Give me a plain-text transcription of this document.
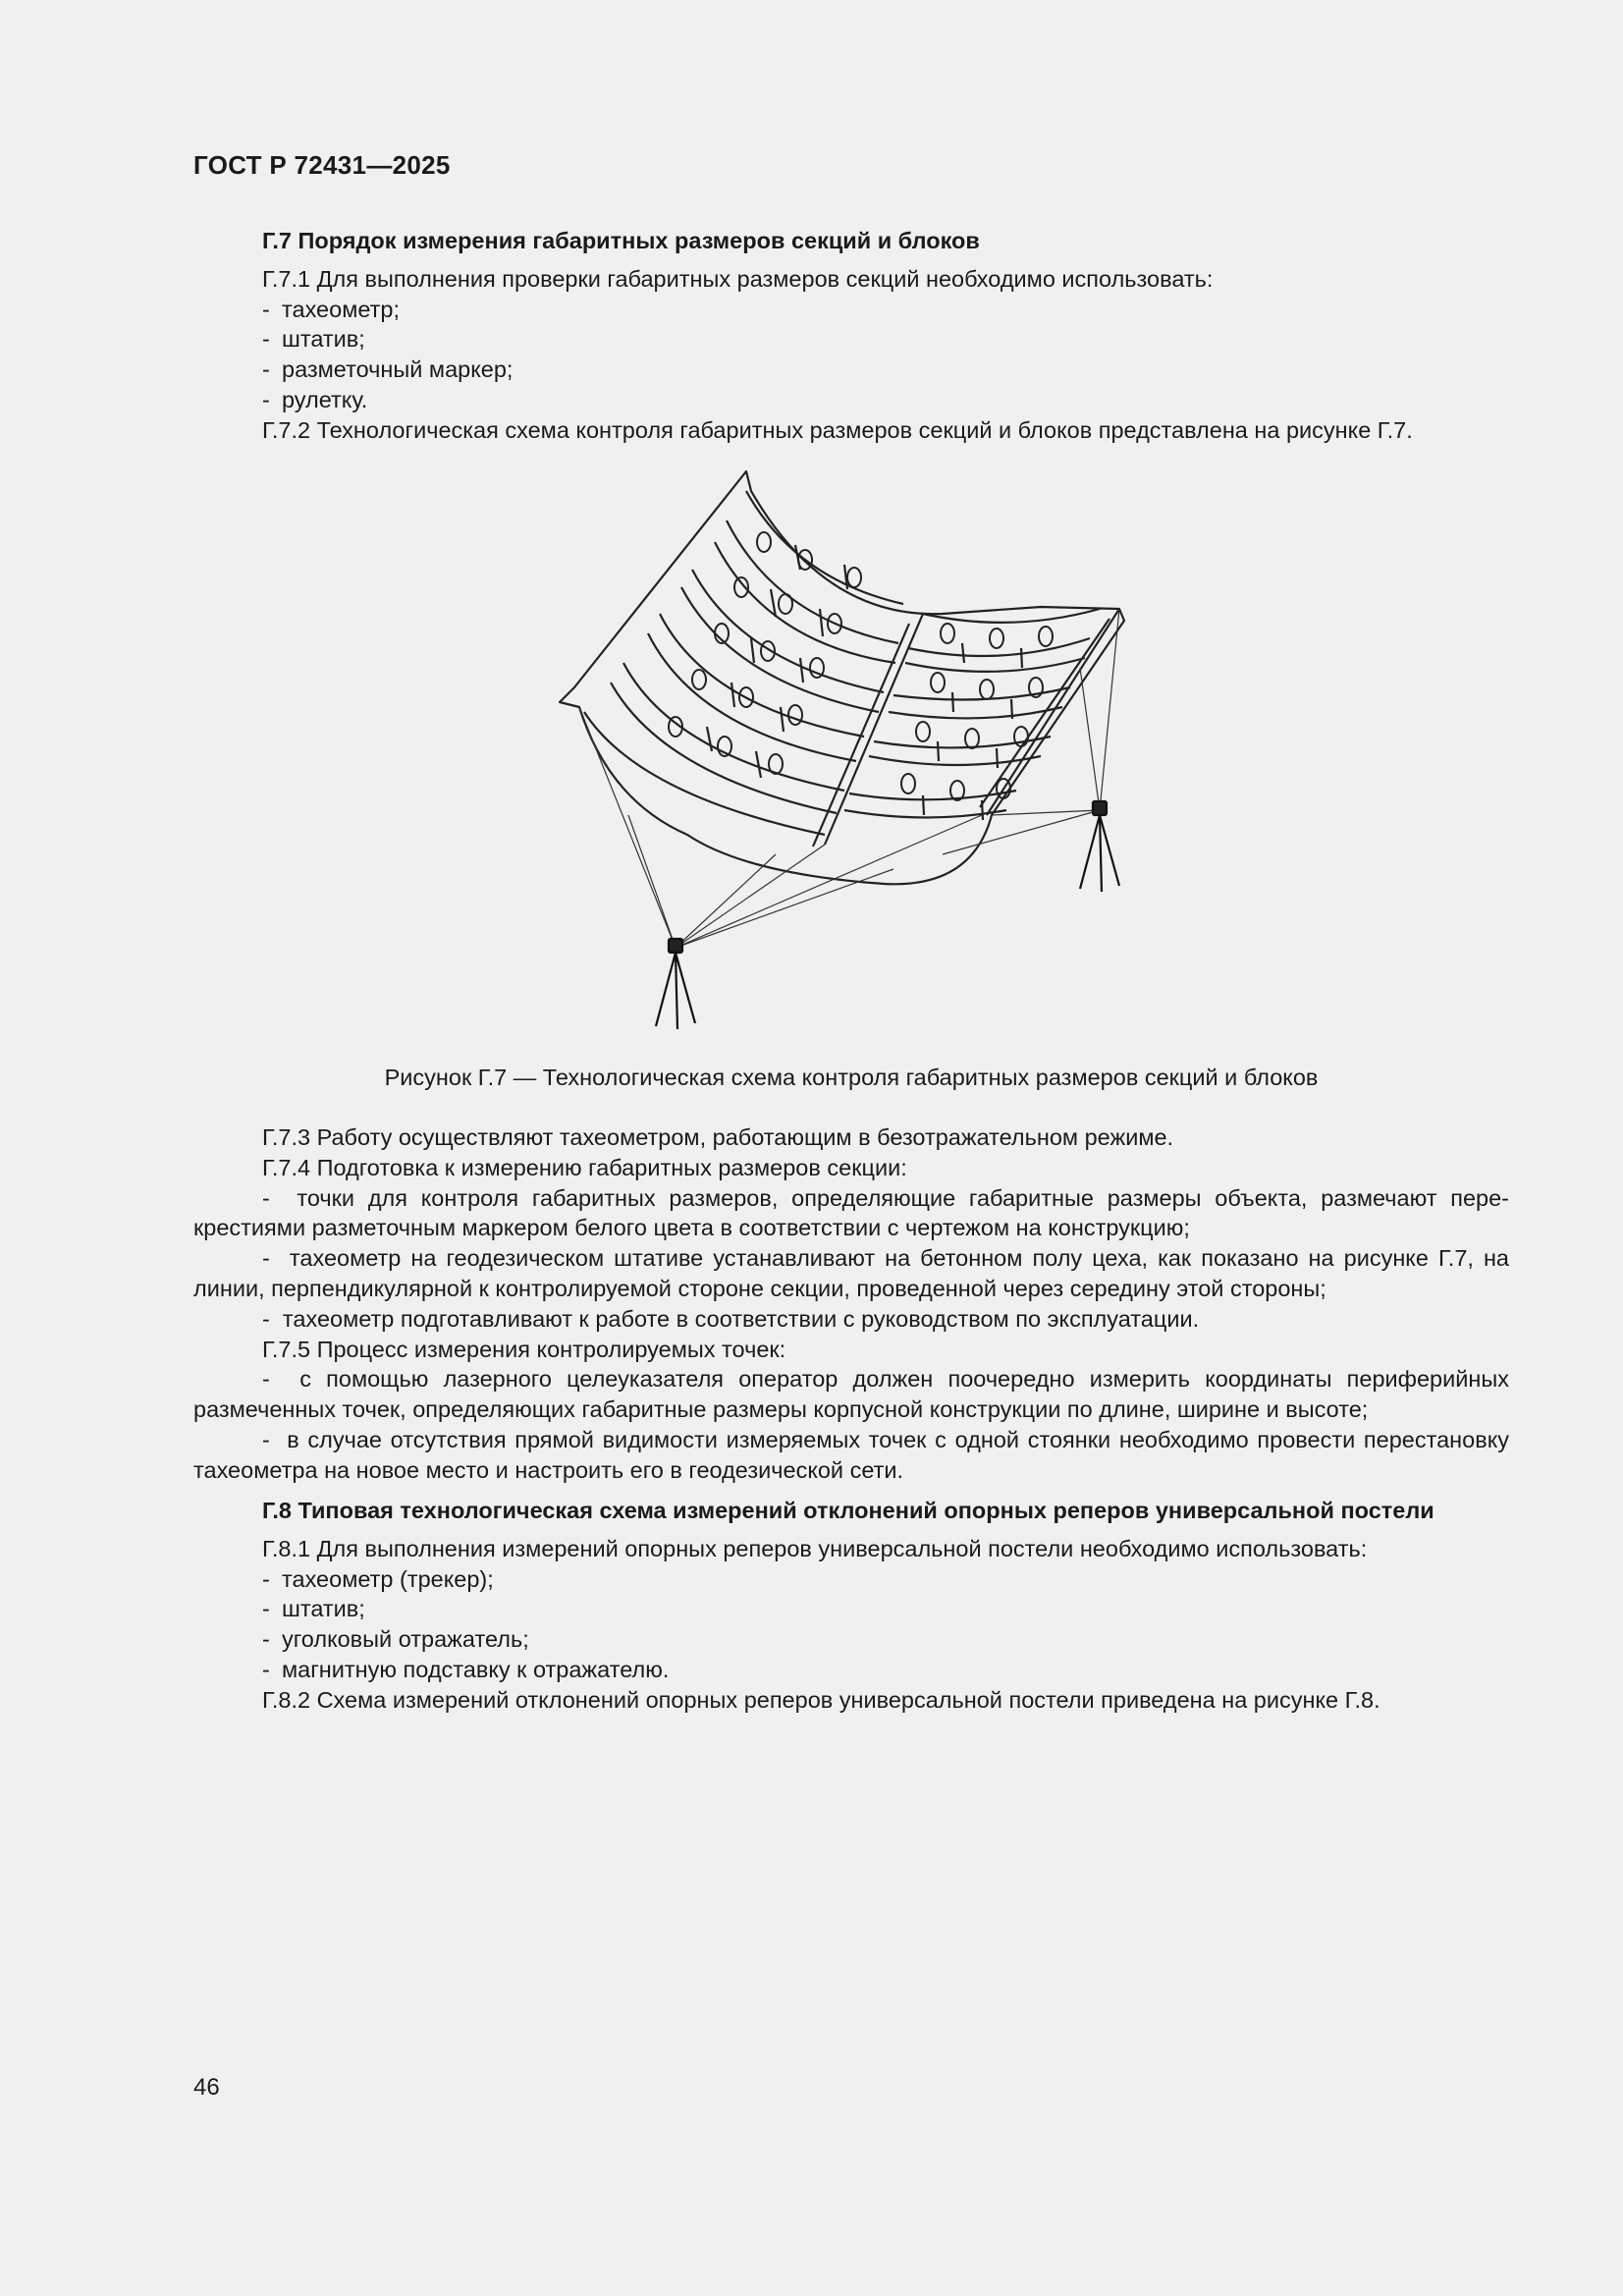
ГОСТ Р 72431—2025

Г.7 Порядок измерения габаритных размеров секций и блоков

Г.7.1 Для выполнения проверки габаритных размеров секций необходимо использовать:

- тахеометр;

- штатив;

- разметочный маркер;

- рулетку.

Г.7.2 Технологическая схема контроля габаритных размеров секций и блоков представлена на рисунке Г.7.

Рисунок Г.7 — Технологическая схема контроля габаритных размеров секций и блоков

Г.7.3 Работу осуществляют тахеометром, работающим в безотражательном режиме.

Г.7.4 Подготовка к измерению габаритных размеров секции:

-  точки для контроля габаритных размеров, определяющие габаритные размеры объекта, размечают перекрестиями разметочным маркером белого цвета в соответствии с чертежом на конструкцию;

-  тахеометр на геодезическом штативе устанавливают на бетонном полу цеха, как показано на рисунке Г.7, на линии, перпендикулярной к контролируемой стороне секции, проведенной через середину этой стороны;

-  тахеометр подготавливают к работе в соответствии с руководством по эксплуатации.

Г.7.5 Процесс измерения контролируемых точек:

-  с помощью лазерного целеуказателя оператор должен поочередно измерить координаты периферийных размеченных точек, определяющих габаритные размеры корпусной конструкции по длине, ширине и высоте;

-  в случае отсутствия прямой видимости измеряемых точек с одной стоянки необходимо провести перестановку тахеометра на новое место и настроить его в геодезической сети.

Г.8 Типовая технологическая схема измерений отклонений опорных реперов универсальной постели

Г.8.1 Для выполнения измерений опорных реперов универсальной постели необходимо использовать:

- тахеометр (трекер);

- штатив;

- уголковый отражатель;

- магнитную подставку к отражателю.

Г.8.2 Схема измерений отклонений опорных реперов универсальной постели приведена на рисунке Г.8.

46
